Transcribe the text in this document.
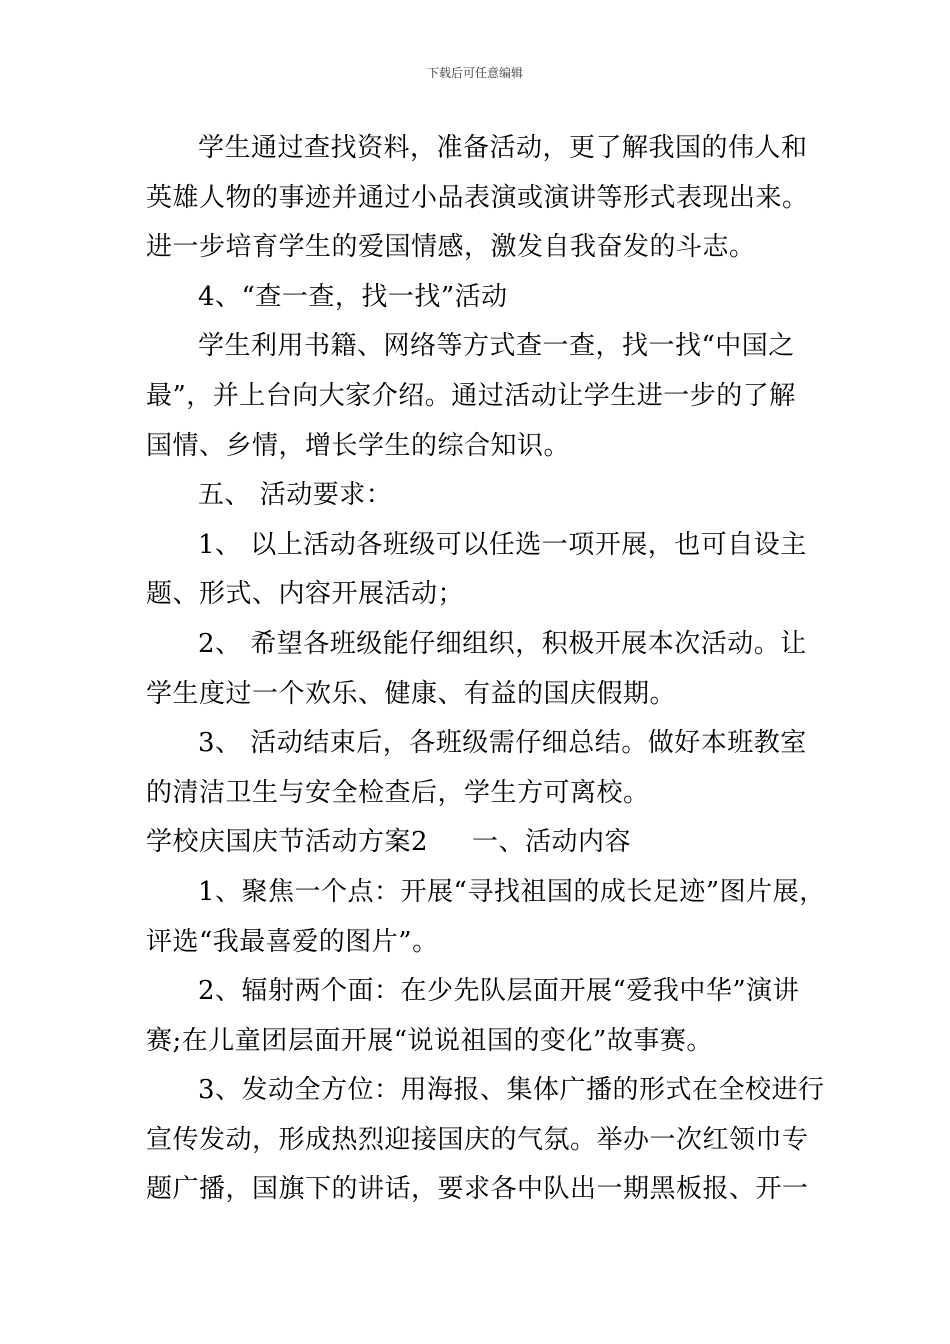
下载后可任意编辑
学生通过查找资料，准备活动，更了解我国的伟人和
英雄人物的事迹并通过小品表演或演讲等形式表现出来。
进一步培育学生的爱国情感，激发自我奋发的斗志。
4、“查一查，找一找”活动
学生利用书籍、网络等方式查一查，找一找“中国之
最”，并上台向大家介绍。通过活动让学生进一步的了解
国情、乡情，增长学生的综合知识。
五、 活动要求：
1、 以上活动各班级可以任选一项开展，也可自设主
题、形式、内容开展活动；
2、 希望各班级能仔细组织，积极开展本次活动。让
学生度过一个欢乐、健康、有益的国庆假期。
3、 活动结束后，各班级需仔细总结。做好本班教室
的清洁卫生与安全检查后，学生方可离校。
学校庆国庆节活动方案2 一、活动内容
1、聚焦一个点：开展“寻找祖国的成长足迹”图片展，
评选“我最喜爱的图片”。
2、辐射两个面：在少先队层面开展“爱我中华”演讲
赛;在儿童团层面开展“说说祖国的变化”故事赛。
3、发动全方位：用海报、集体广播的形式在全校进行
宣传发动，形成热烈迎接国庆的气氛。举办一次红领巾专
题广播，国旗下的讲话，要求各中队出一期黑板报、开一
